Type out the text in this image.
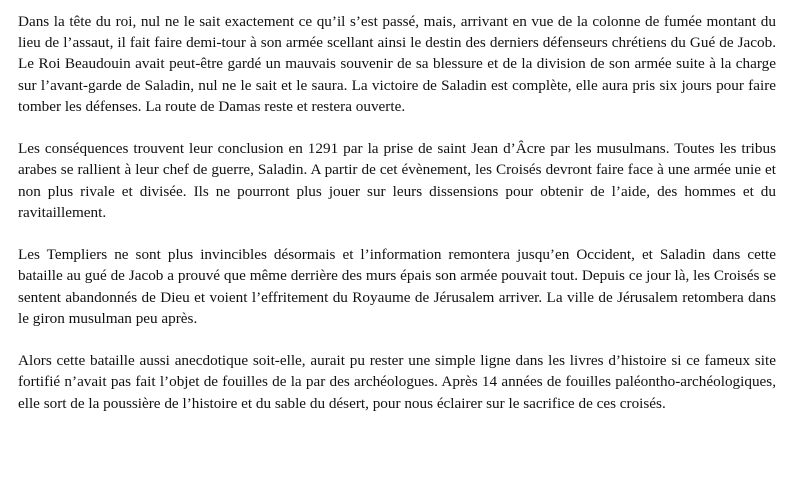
Dans la tête du roi, nul ne le sait exactement ce qu’il s’est passé, mais, arrivant en vue de la colonne de fumée montant du lieu de l’assaut, il fait faire demi-tour à son armée scellant ainsi le destin des derniers défenseurs chrétiens du Gué de Jacob. Le Roi Beaudouin avait peut-être gardé un mauvais souvenir de sa blessure et de la division de son armée suite à la charge sur l’avant-garde de Saladin, nul ne le sait et le saura. La victoire de Saladin est complète, elle aura pris six jours pour faire tomber les défenses. La route de Damas reste et restera ouverte.

Les conséquences trouvent leur conclusion en 1291 par la prise de saint Jean d’Ȃcre par les musulmans. Toutes les tribus arabes se rallient à leur chef de guerre, Saladin. A partir de cet évènement, les Croisés devront faire face à une armée unie et non plus rivale et divisée. Ils ne pourront plus jouer sur leurs dissensions pour obtenir de l’aide, des hommes et du ravitaillement.

Les Templiers ne sont plus invincibles désormais et l’information remontera jusqu’en Occident, et Saladin dans cette bataille au gué de Jacob a prouvé que même derrière des murs épais son armée pouvait tout. Depuis ce jour là, les Croisés se sentent abandonnés de Dieu et voient l’effritement du Royaume de Jérusalem arriver. La ville de Jérusalem retombera dans le giron musulman peu après.

Alors cette bataille aussi anecdotique soit-elle, aurait pu rester une simple ligne dans les livres d’histoire si ce fameux site fortifié n’avait pas fait l’objet de fouilles de la par des archéologues. Après 14 années de fouilles paléontho-archéologiques, elle sort de la poussière de l’histoire et du sable du désert, pour nous éclairer sur le sacrifice de ces croisés.
